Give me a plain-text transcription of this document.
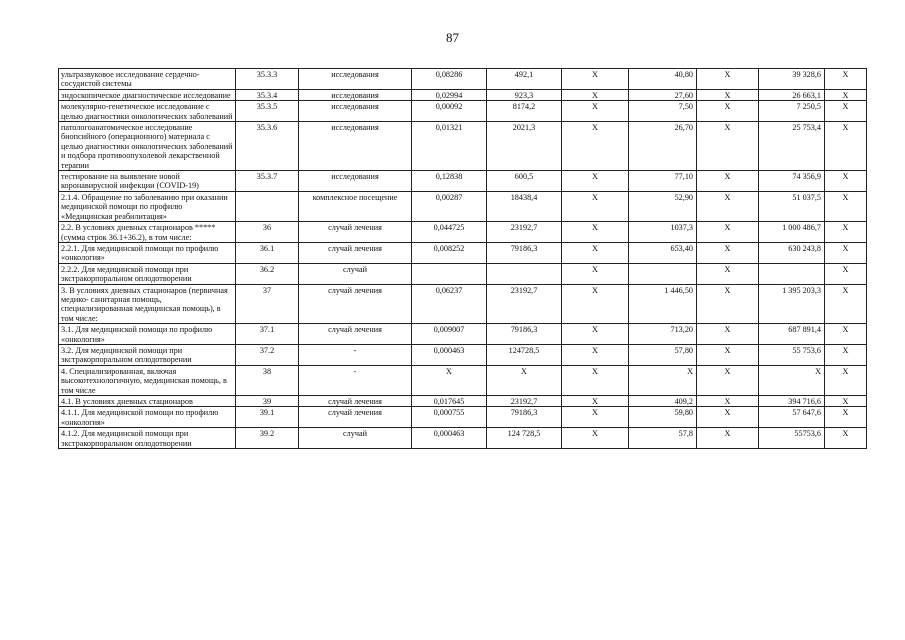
87
ультразвуковое исследование сердечно-сосудистой системы	35.3.3	исследования	0,08286	492,1	X	40,80	X	39 328,6	X
эндоскопическое диагностическое исследование	35.3.4	исследования	0,02994	923,3	X	27,60	X	26 663,1	X
молекулярно-генетическое исследование с целью диагностики онкологических заболеваний	35.3.5	исследования	0,00092	8174,2	X	7,50	X	7 250,5	X
патологоанатомическое исследование биопсийного (операционного) материала с целью диагностики онкологических заболеваний и подбора противоопухолевой лекарственной терапии	35.3.6	исследования	0,01321	2021,3	X	26,70	X	25 753,4	X
тестирование на выявление новой коронавирусной инфекции (COVID-19)	35.3.7	исследования	0,12838	600,5	X	77,10	X	74 356,9	X
2.1.4. Обращение по заболеванию при оказании медицинской помощи по профилю «Медицинская реабилитация»		комплексное посещение	0,00287	18438,4	X	52,90	X	51 037,5	X
2.2. В условиях дневных стационаров ***** (сумма строк 36.1+36.2), в том числе:	36	случай лечения	0,044725	23192,7	X	1037,3	X	1 000 486,7	X
2.2.1. Для медицинской помощи по профилю «онкология»	36.1	случай лечения	0,008252	79186,3	X	653,40	X	630 243,8	X
2.2.2. Для медицинской помощи при экстракорпоральном оплодотворении	36.2	случай			X		X		X
3. В условиях дневных стационаров (первичная медико- санитарная помощь, специализированная медицинская помощь), в том числе:	37	случай лечения	0,06237	23192,7	X	1 446,50	X	1 395 203,3	X
3.1. Для медицинской помощи по профилю «онкология»	37.1	случай лечения	0,009007	79186,3	X	713,20	X	687 891,4	X
3.2. Для медицинской помощи при экстракорпоральном оплодотворении	37.2	-	0,000463	124728,5	X	57,80	X	55 753,6	X
4. Специализированная, включая высокотехнологичную, медицинская помощь, в том числе	38	-	X	X	X	X	X	X	X
4.1. В условиях дневных стационаров	39	случай лечения	0,017645	23192,7	X	409,2	X	394 716,6	X
4.1.1. Для медицинской помощи по профилю «онкология»	39.1	случай лечения	0,000755	79186,3	X	59,80	X	57 647,6	X
4.1.2. Для медицинской помощи при экстракорпоральном оплодотворении	39.2	случай	0,000463	124 728,5	X	57,8	X	55753,6	X
